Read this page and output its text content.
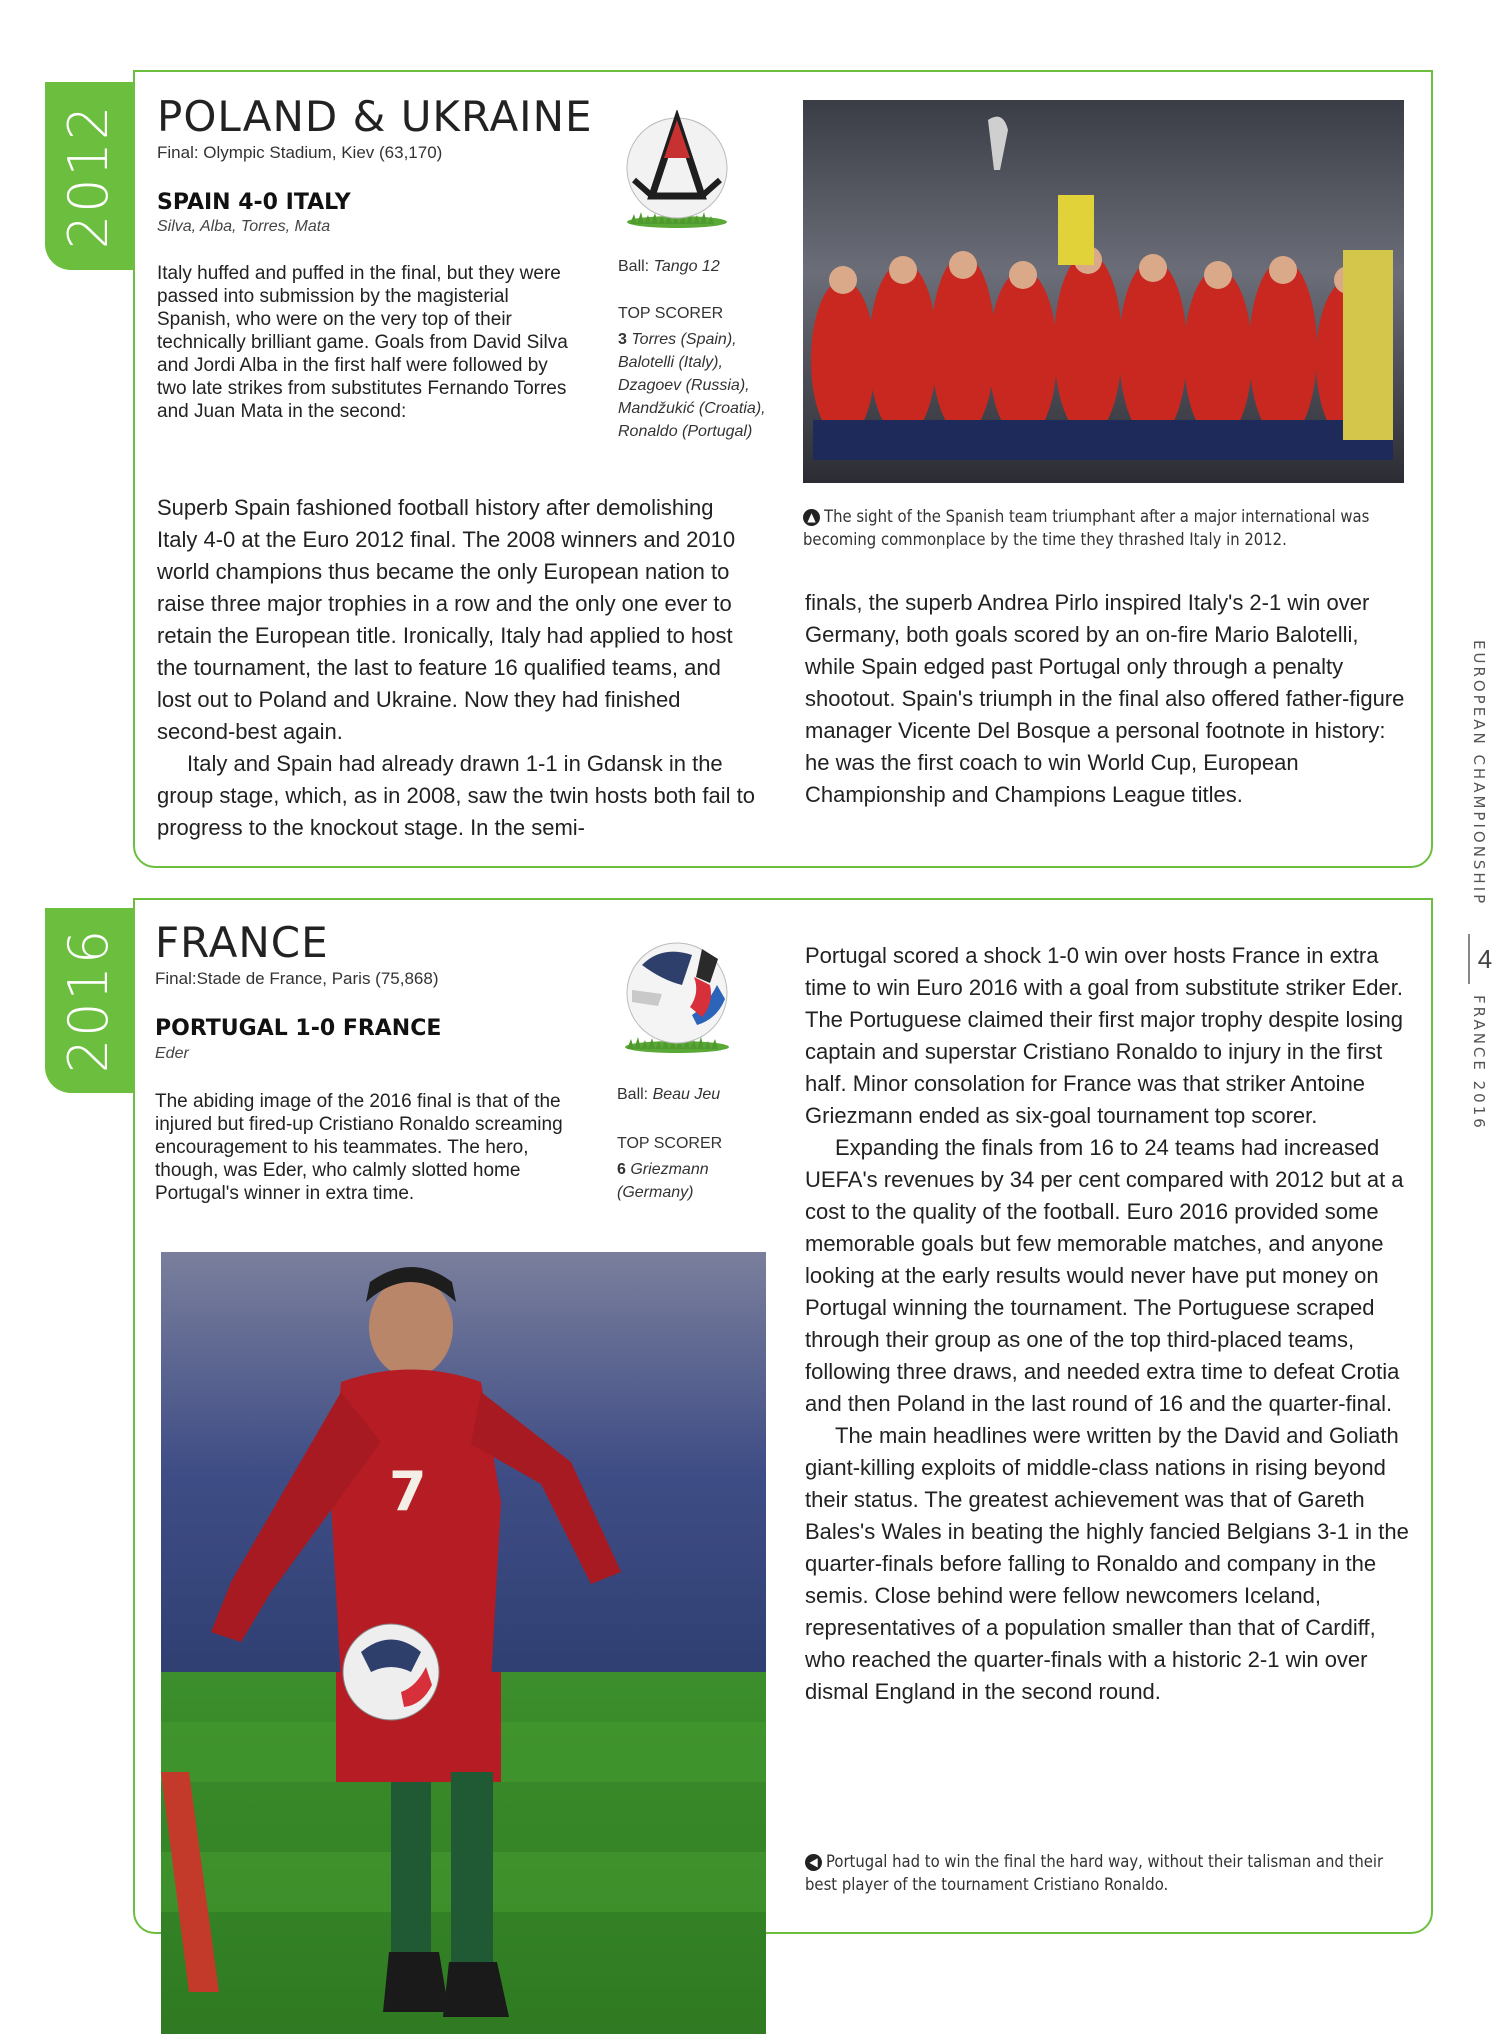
2012 POLAND & UKRAINE
Final: Olympic Stadium, Kiev (63,170)
SPAIN 4-0 ITALY
Silva, Alba, Torres, Mata
Italy huffed and puffed in the final, but they were passed into submission by the magisterial Spanish, who were on the very top of their technically brilliant game. Goals from David Silva and Jordi Alba in the first half were followed by two late strikes from substitutes Fernando Torres and Juan Mata in the second:
Ball: Tango 12
TOP SCORER
3 Torres (Spain), Balotelli (Italy), Dzagoev (Russia), Mandžukić (Croatia), Ronaldo (Portugal)
▲ The sight of the Spanish team triumphant after a major international was becoming commonplace by the time they thrashed Italy in 2012.

Superb Spain fashioned football history after demolishing Italy 4-0 at the Euro 2012 final. The 2008 winners and 2010 world champions thus became the only European nation to raise three major trophies in a row and the only one ever to retain the European title. Ironically, Italy had applied to host the tournament, the last to feature 16 qualified teams, and lost out to Poland and Ukraine. Now they had finished second-best again.

Italy and Spain had already drawn 1-1 in Gdansk in the group stage, which, as in 2008, saw the twin hosts both fail to progress to the knockout stage. In the semi-

finals, the superb Andrea Pirlo inspired Italy's 2-1 win over Germany, both goals scored by an on-fire Mario Balotelli, while Spain edged past Portugal only through a penalty shootout. Spain's triumph in the final also offered father-figure manager Vicente Del Bosque a personal footnote in history: he was the first coach to win World Cup, European Championship and Champions League titles.

2016 FRANCE
Final:Stade de France, Paris (75,868)
PORTUGAL 1-0 FRANCE
Eder
The abiding image of the 2016 final is that of the injured but fired-up Cristiano Ronaldo screaming encouragement to his teammates. The hero, though, was Eder, who calmly slotted home Portugal's winner in extra time.
Ball: Beau Jeu
TOP SCORER
6 Griezmann (Germany)
7

Portugal scored a shock 1-0 win over hosts France in extra time to win Euro 2016 with a goal from substitute striker Eder. The Portuguese claimed their first major trophy despite losing captain and superstar Cristiano Ronaldo to injury in the first half. Minor consolation for France was that striker Antoine Griezmann ended as six-goal tournament top scorer.

Expanding the finals from 16 to 24 teams had increased UEFA's revenues by 34 per cent compared with 2012 but at a cost to the quality of the football. Euro 2016 provided some memorable goals but few memorable matches, and anyone looking at the early results would never have put money on Portugal winning the tournament. The Portuguese scraped through their group as one of the top third-placed teams, following three draws, and needed extra time to defeat Crotia and then Poland in the last round of 16 and the quarter-final.

The main headlines were written by the David and Goliath giant-killing exploits of middle-class nations in rising beyond their status. The greatest achievement was that of Gareth Bales's Wales in beating the highly fancied Belgians 3-1 in the quarter-finals before falling to Ronaldo and company in the semis. Close behind were fellow newcomers Iceland, representatives of a population smaller than that of Cardiff, who reached the quarter-finals with a historic 2-1 win over dismal England in the second round.

◀ Portugal had to win the final the hard way, without their talisman and their best player of the tournament Cristiano Ronaldo.
EUROPEAN CHAMPIONSHIP
4
FRANCE 2016
